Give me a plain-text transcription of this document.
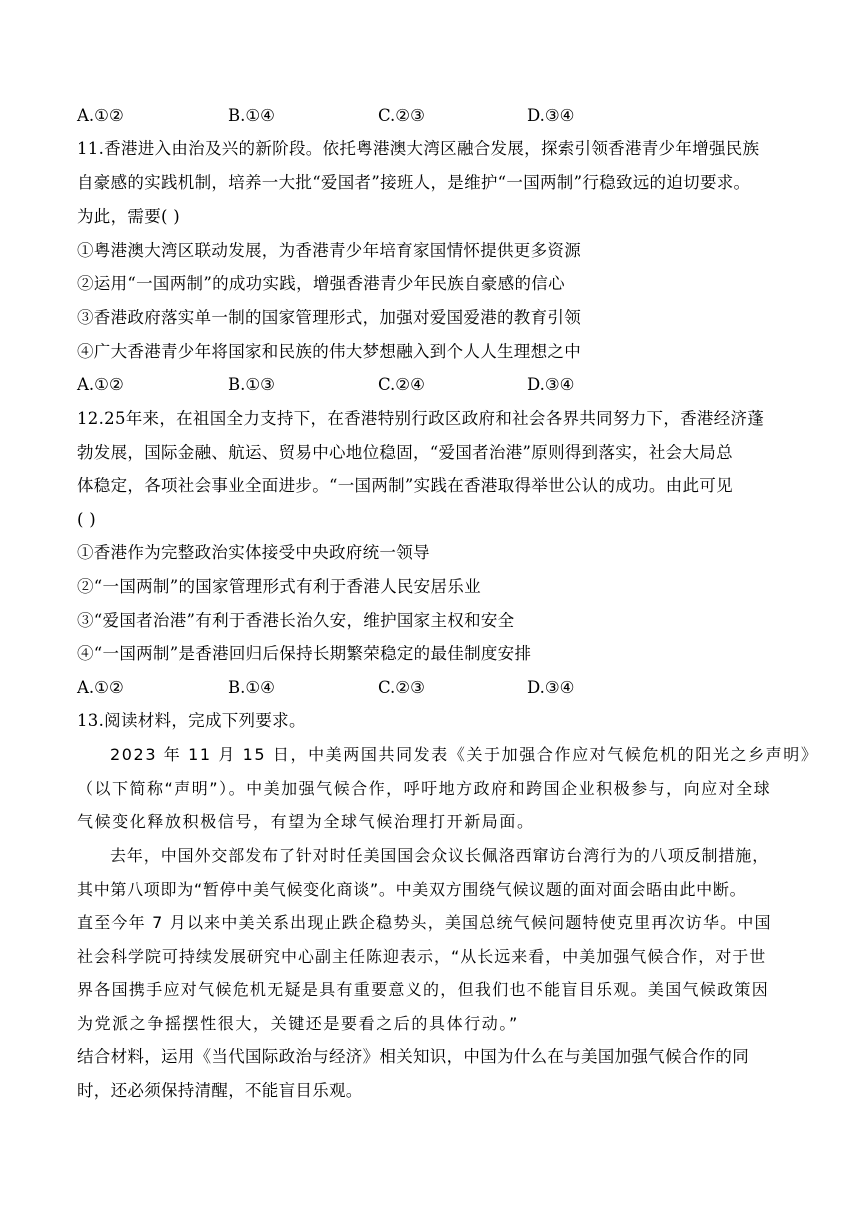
A.①②	B.①④	C.②③	D.③④
11.香港进入由治及兴的新阶段。依托粤港澳大湾区融合发展，探索引领香港青少年增强民族
自豪感的实践机制，培养一大批“爱国者”接班人，是维护“一国两制”行稳致远的迫切要求。
为此，需要( )
①粤港澳大湾区联动发展，为香港青少年培育家国情怀提供更多资源
②运用“一国两制”的成功实践，增强香港青少年民族自豪感的信心
③香港政府落实单一制的国家管理形式，加强对爱国爱港的教育引领
④广大香港青少年将国家和民族的伟大梦想融入到个人人生理想之中
A.①②	B.①③	C.②④	D.③④
12.25年来，在祖国全力支持下，在香港特别行政区政府和社会各界共同努力下，香港经济蓬
勃发展，国际金融、航运、贸易中心地位稳固，“爱国者治港”原则得到落实，社会大局总
体稳定，各项社会事业全面进步。“一国两制”实践在香港取得举世公认的成功。由此可见
( )
①香港作为完整政治实体接受中央政府统一领导
②“一国两制”的国家管理形式有利于香港人民安居乐业
③“爱国者治港”有利于香港长治久安，维护国家主权和安全
④“一国两制”是香港回归后保持长期繁荣稳定的最佳制度安排
A.①②	B.①④	C.②③	D.③④
13.阅读材料，完成下列要求。
2023 年 11 月 15 日，中美两国共同发表《关于加强合作应对气候危机的阳光之乡声明》
（以下简称“声明”）。中美加强气候合作，呼吁地方政府和跨国企业积极参与，向应对全球
气候变化释放积极信号，有望为全球气候治理打开新局面。
去年，中国外交部发布了针对时任美国国会众议长佩洛西窜访台湾行为的八项反制措施，
其中第八项即为“暂停中美气候变化商谈”。中美双方围绕气候议题的面对面会晤由此中断。
直至今年 7 月以来中美关系出现止跌企稳势头，美国总统气候问题特使克里再次访华。中国
社会科学院可持续发展研究中心副主任陈迎表示，“从长远来看，中美加强气候合作，对于世
界各国携手应对气候危机无疑是具有重要意义的，但我们也不能盲目乐观。美国气候政策因
为党派之争摇摆性很大，关键还是要看之后的具体行动。”
结合材料，运用《当代国际政治与经济》相关知识，中国为什么在与美国加强气候合作的同
时，还必须保持清醒，不能盲目乐观。
